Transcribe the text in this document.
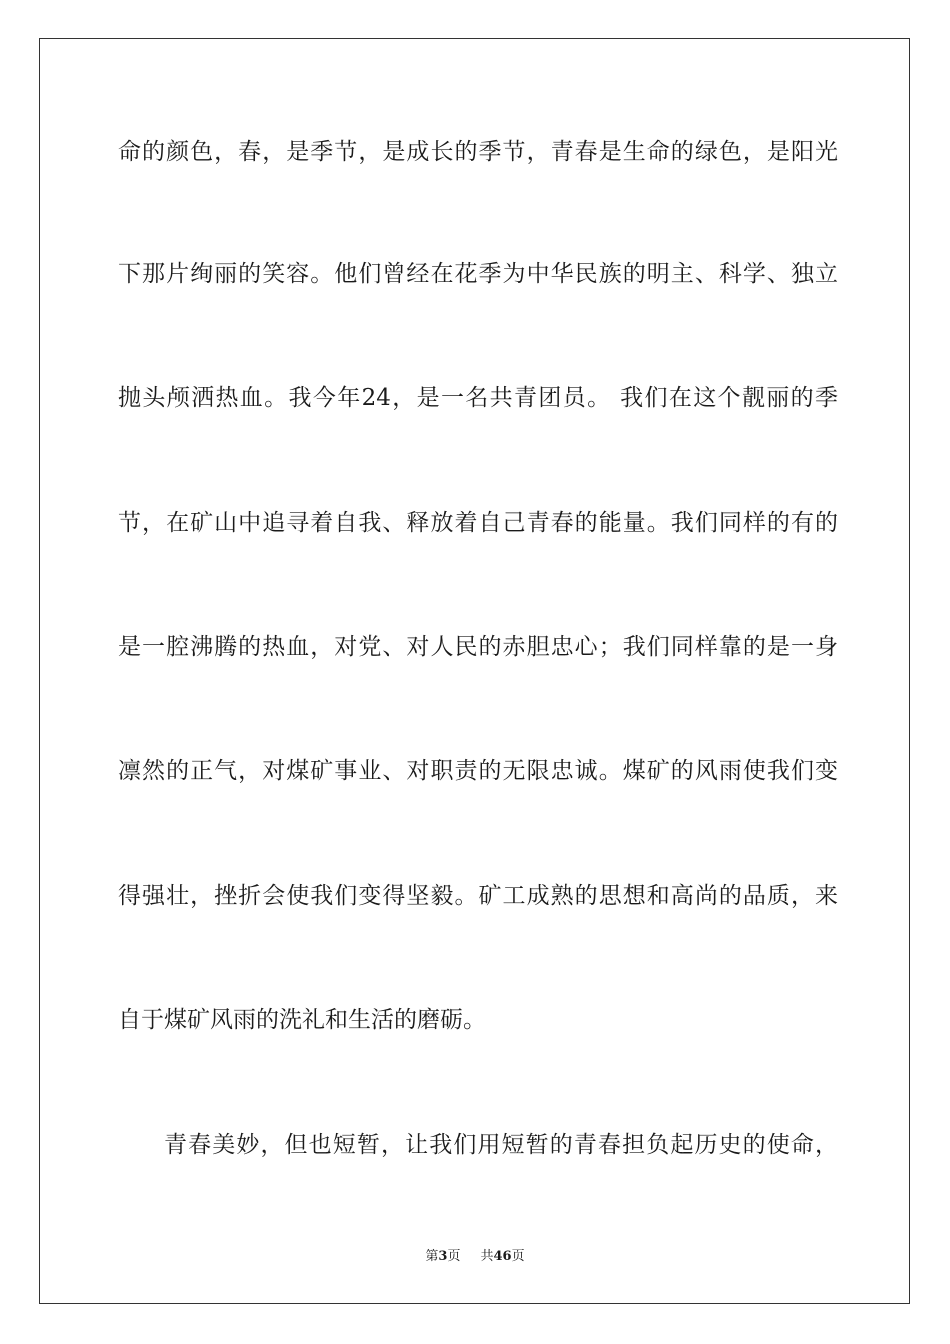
命的颜色，春，是季节，是成长的季节，青春是生命的绿色，是阳光
下那片绚丽的笑容。他们曾经在花季为中华民族的明主、科学、独立
抛头颅洒热血。我今年24，是一名共青团员。 我们在这个靓丽的季
节，在矿山中追寻着自我、释放着自己青春的能量。我们同样的有的
是一腔沸腾的热血，对党、对人民的赤胆忠心；我们同样靠的是一身
凛然的正气，对煤矿事业、对职责的无限忠诚。煤矿的风雨使我们变
得强壮，挫折会使我们变得坚毅。矿工成熟的思想和高尚的品质，来
自于煤矿风雨的洗礼和生活的磨砺。
青春美妙，但也短暂，让我们用短暂的青春担负起历史的使命，
第3页 共46页
